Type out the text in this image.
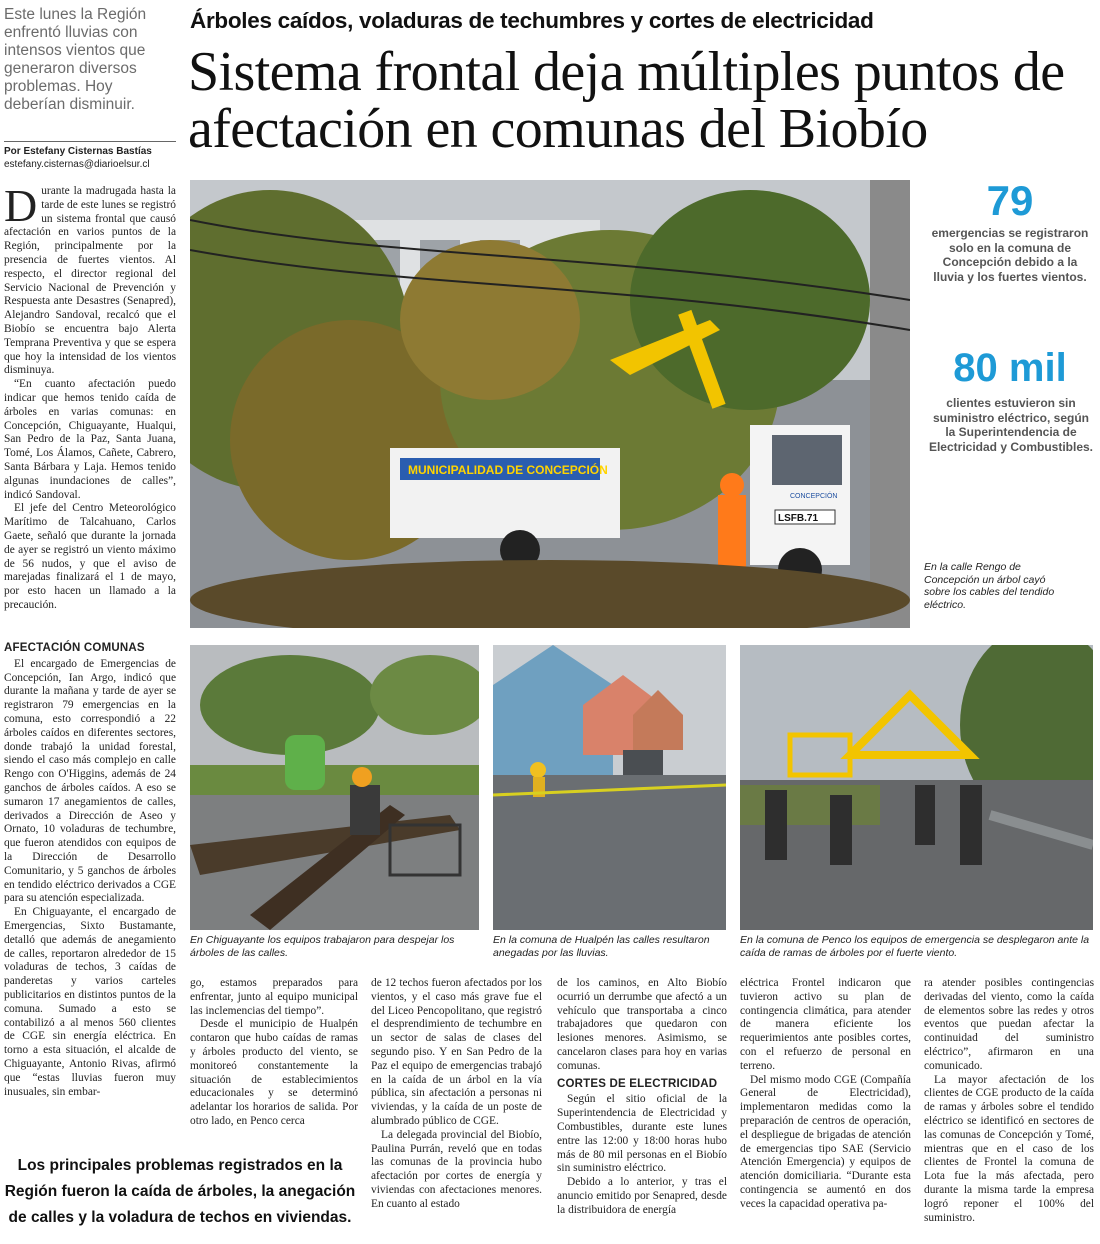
Este lunes la Región enfrentó lluvias con intensos vientos que generaron diversos problemas. Hoy deberían disminuir.
Por Estefany Cisternas Bastías
estefany.cisternas@diarioelsur.cl
Árboles caídos, voladuras de techumbres y cortes de electricidad
Sistema frontal deja múltiples puntos de afectación en comunas del Biobío

Durante la madrugada hasta la tarde de este lunes se registró un sistema frontal que causó afectación en varios puntos de la Región, principalmente por la presencia de fuertes vientos. Al respecto, el director regional del Servicio Nacional de Prevención y Respuesta ante Desastres (Senapred), Alejandro Sandoval, recalcó que el Biobío se encuentra bajo Alerta Temprana Preventiva y que se espera que hoy la intensidad de los vientos disminuya.

“En cuanto afectación puedo indicar que hemos tenido caída de árboles en varias comunas: en Concepción, Chiguayante, Hualqui, San Pedro de la Paz, Santa Juana, Tomé, Los Álamos, Cañete, Cabrero, Santa Bárbara y Laja. Hemos tenido algunas inundaciones de calles”, indicó Sandoval.

El jefe del Centro Meteorológico Marítimo de Talcahuano, Carlos Gaete, señaló que durante la jornada de ayer se registró un viento máximo de 56 nudos, y que el aviso de marejadas finalizará el 1 de mayo, por esto hacen un llamado a la precaución.

MUNICIPALIDAD DE CONCEPCIÓN
LSFB.71
CONCEPCIÓN
79
emergencias se registraron solo en la comuna de Concepción debido a la lluvia y los fuertes vientos.
80 mil
clientes estuvieron sin suministro eléctrico, según la Superintendencia de Electricidad y Combustibles.
En la calle Rengo de Concepción un árbol cayó sobre los cables del tendido eléctrico.
AFECTACIÓN COMUNAS

El encargado de Emergencias de Concepción, Ian Argo, indicó que durante la mañana y tarde de ayer se registraron 79 emergencias en la comuna, esto correspondió a 22 árboles caídos en diferentes sectores, donde trabajó la unidad forestal, siendo el caso más complejo en calle Rengo con O'Higgins, además de 24 ganchos de árboles caídos. A eso se sumaron 17 anegamientos de calles, derivados a Dirección de Aseo y Ornato, 10 voladuras de techumbre, que fueron atendidos con equipos de la Dirección de Desarrollo Comunitario, y 5 ganchos de árboles en tendido eléctrico derivados a CGE para su atención especializada.

En Chiguayante, el encargado de Emergencias, Sixto Bustamante, detalló que además de anegamiento de calles, reportaron alrededor de 15 voladuras de techos, 3 caídas de panderetas y varios carteles publicitarios en distintos puntos de la comuna. Sumado a esto se contabilizó a al menos 560 clientes de CGE sin energía eléctrica. En torno a esta situación, el alcalde de Chiguayante, Antonio Rivas, afirmó que “estas lluvias fueron muy inusuales, sin embar-

En Chiguayante los equipos trabajaron para despejar los árboles de las calles.
En la comuna de Hualpén las calles resultaron anegadas por las lluvias.
En la comuna de Penco los equipos de emergencia se desplegaron ante la caída de ramas de árboles por el fuerte viento.

go, estamos preparados para enfrentar, junto al equipo municipal las inclemencias del tiempo”.

Desde el municipio de Hualpén contaron que hubo caídas de ramas y árboles producto del viento, se monitoreó constantemente la situación de establecimientos educacionales y se determinó adelantar los horarios de salida. Por otro lado, en Penco cerca

de 12 techos fueron afectados por los vientos, y el caso más grave fue el del Liceo Pencopolitano, que registró el desprendimiento de techumbre en un sector de salas de clases del segundo piso. Y en San Pedro de la Paz el equipo de emergencias trabajó en la caída de un árbol en la vía pública, sin afectación a personas ni viviendas, y la caída de un poste de alumbrado público de CGE.

La delegada provincial del Biobío, Paulina Purrán, reveló que en todas las comunas de la provincia hubo afectación por cortes de energía y viviendas con afectaciones menores. En cuanto al estado

de los caminos, en Alto Biobío ocurrió un derrumbe que afectó a un vehículo que transportaba a cinco trabajadores que quedaron con lesiones menores. Asimismo, se cancelaron clases para hoy en varias comunas.

CORTES DE ELECTRICIDAD

Según el sitio oficial de la Superintendencia de Electricidad y Combustibles, durante este lunes entre las 12:00 y 18:00 horas hubo más de 80 mil personas en el Biobío sin suministro eléctrico.

Debido a lo anterior, y tras el anuncio emitido por Senapred, desde la distribuidora de energía

eléctrica Frontel indicaron que tuvieron activo su plan de contingencia climática, para atender de manera eficiente los requerimientos ante posibles cortes, con el refuerzo de personal en terreno.

Del mismo modo CGE (Compañía General de Electricidad), implementaron medidas como la preparación de centros de operación, el despliegue de brigadas de atención de emergencias tipo SAE (Servicio Atención Emergencia) y equipos de atención domiciliaria. “Durante esta contingencia se aumentó en dos veces la capacidad operativa pa-

ra atender posibles contingencias derivadas del viento, como la caída de elementos sobre las redes y otros eventos que puedan afectar la continuidad del suministro eléctrico”, afirmaron en una comunicado.

La mayor afectación de los clientes de CGE producto de la caída de ramas y árboles sobre el tendido eléctrico se identificó en sectores de las comunas de Concepción y Tomé, mientras que en el caso de los clientes de Frontel la comuna de Lota fue la más afectada, pero durante la misma tarde la empresa logró reponer el 100% del suministro.

Los principales problemas registrados en la Región fueron la caída de árboles, la anegación de calles y la voladura de techos en viviendas.
